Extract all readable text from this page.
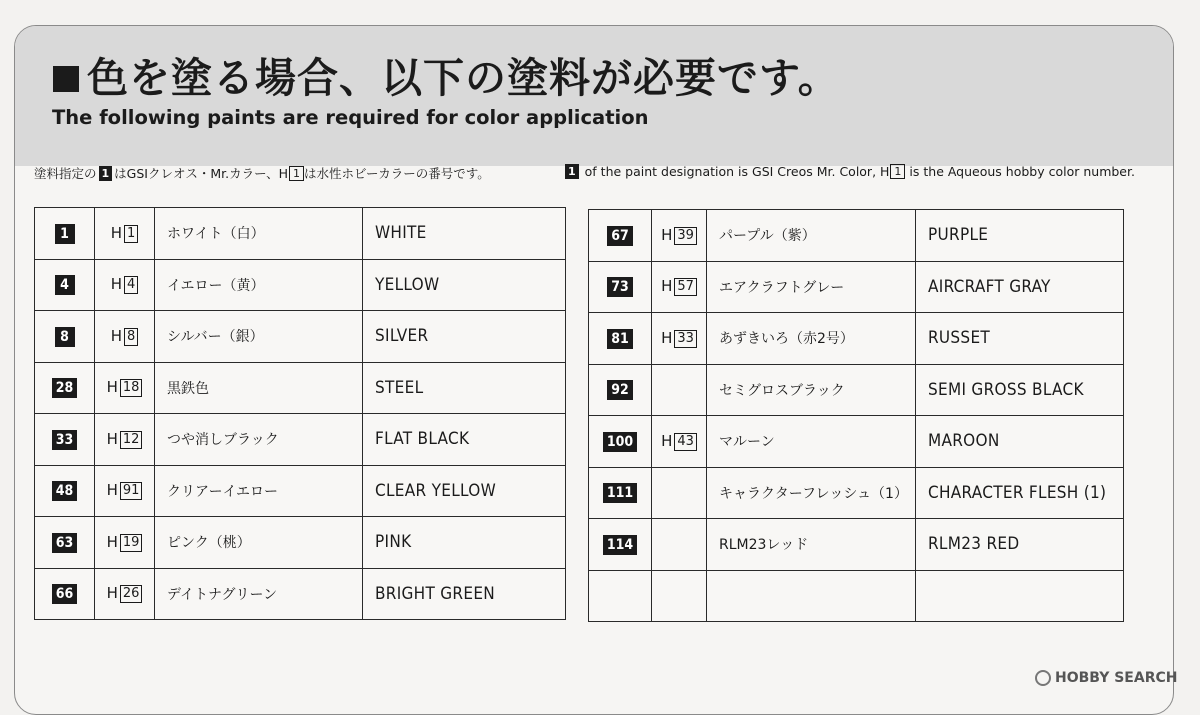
色を塗る場合、以下の塗料が必要です。
The following paints are required for color application
塗料指定の 1 はGSIクレオス・Mr.カラー、H 1 は水性ホビーカラーの番号です。	1 of the paint designation is GSI Creos Mr. Color, H 1 is the Aqueous hobby color number.
1	H 1	ホワイト（白）	WHITE
4	H 4	イエロー（黄）	YELLOW
8	H 8	シルバー（銀）	SILVER
28	H 18	黒鉄色	STEEL
33	H 12	つや消しブラック	FLAT BLACK
48	H 91	クリアーイエロー	CLEAR YELLOW
63	H 19	ピンク（桃）	PINK
66	H 26	デイトナグリーン	BRIGHT GREEN
67	H 39	パープル（紫）	PURPLE
73	H 57	エアクラフトグレー	AIRCRAFT GRAY
81	H 33	あずきいろ（赤2号）	RUSSET
92		セミグロスブラック	SEMI GROSS BLACK
100	H 43	マルーン	MAROON
111		キャラクターフレッシュ（1）	CHARACTER FLESH (1)
114		RLM23レッド	RLM23 RED

HOBBY SEARCH
